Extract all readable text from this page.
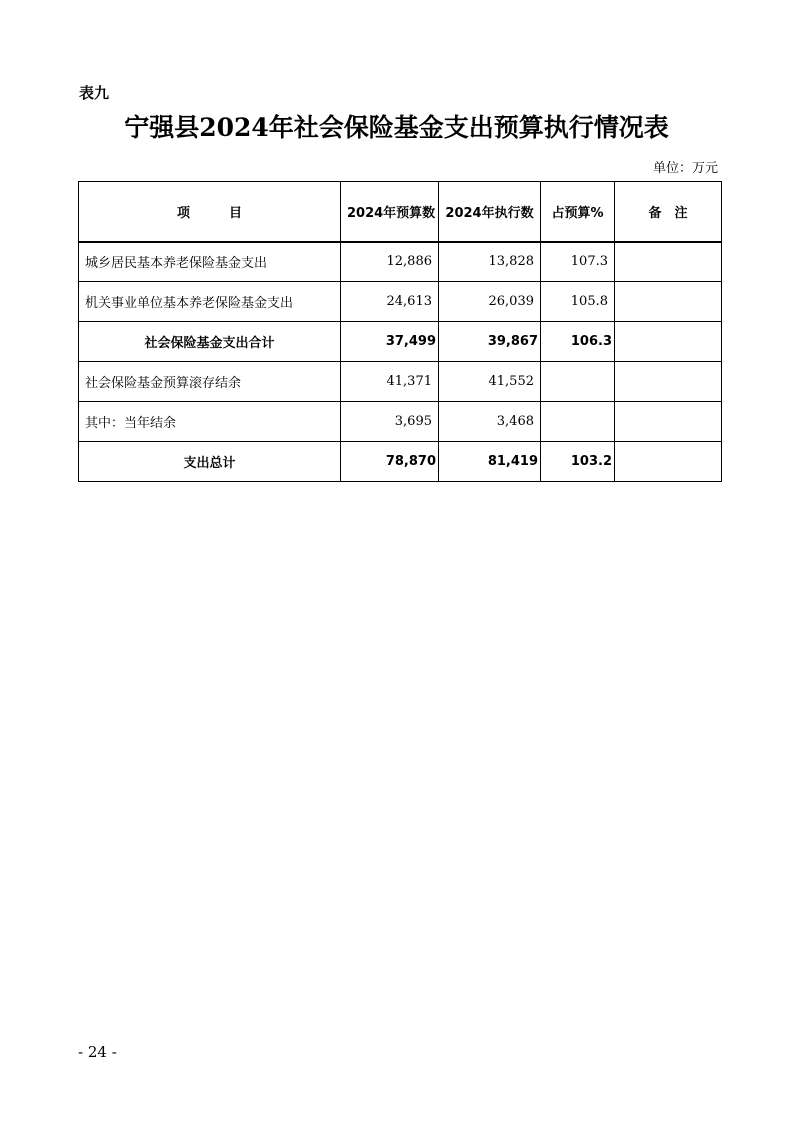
表九
宁强县2024年社会保险基金支出预算执行情况表
单位：万元
项　　　目	2024年预算数	2024年执行数	占预算%	备　注
城乡居民基本养老保险基金支出	12,886	13,828	107.3	
机关事业单位基本养老保险基金支出	24,613	26,039	105.8	
社会保险基金支出合计	37,499	39,867	106.3	
社会保险基金预算滚存结余	41,371	41,552		
其中：当年结余	3,695	3,468		
支出总计	78,870	81,419	103.2	
- 24 -
